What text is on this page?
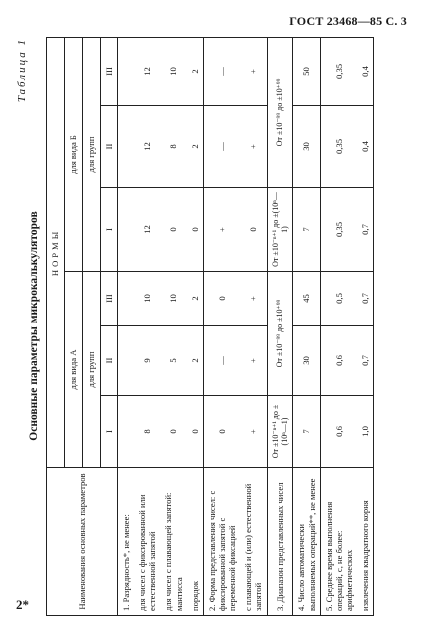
ГОСТ 23468—85 С. 3
Таблица 1
Основные параметры микрокалькуляторов
Наименования основных параметров	НОРМЫ					
	для вида А			для вида Б		
	для групп			для групп		
	I	II	III	I	II	III
1. Разрядность*, не менее:						
для чисел с фиксированной или естественной запятой	8	9	10	12	12	12
для чисел с плавающей запятой: мантисса	0	5	10	0	8	10
порядок	0	2	2	0	2	2
2. Форма представления чисел: с фиксированной запятой с переменной фиксацией	0	—	0	+	—	—
с плавающей и (или) естественной запятой	+	+	+	0	+	+
3. Диапазон представленных чисел	От ±10⁻ⁿ⁺¹ до ±(10ⁿ—1)	От ±10⁻⁹⁹ до ±10⁺⁹⁹		От ±10⁻ⁿ⁺¹ до ±(10ⁿ—1)	От ±10⁻⁹⁹ до ±10⁺⁹⁹	
4. Число автоматически выполняемых операций**, не менее	7	30	45	7	30	50
5. Среднее время выполнения операций, с, не более: арифметических	0,6	0,6	0,5	0,35	0,35	0,35
извлечения квадратного корня	1,0	0,7	0,7	0,7	0,4	0,4
2*
